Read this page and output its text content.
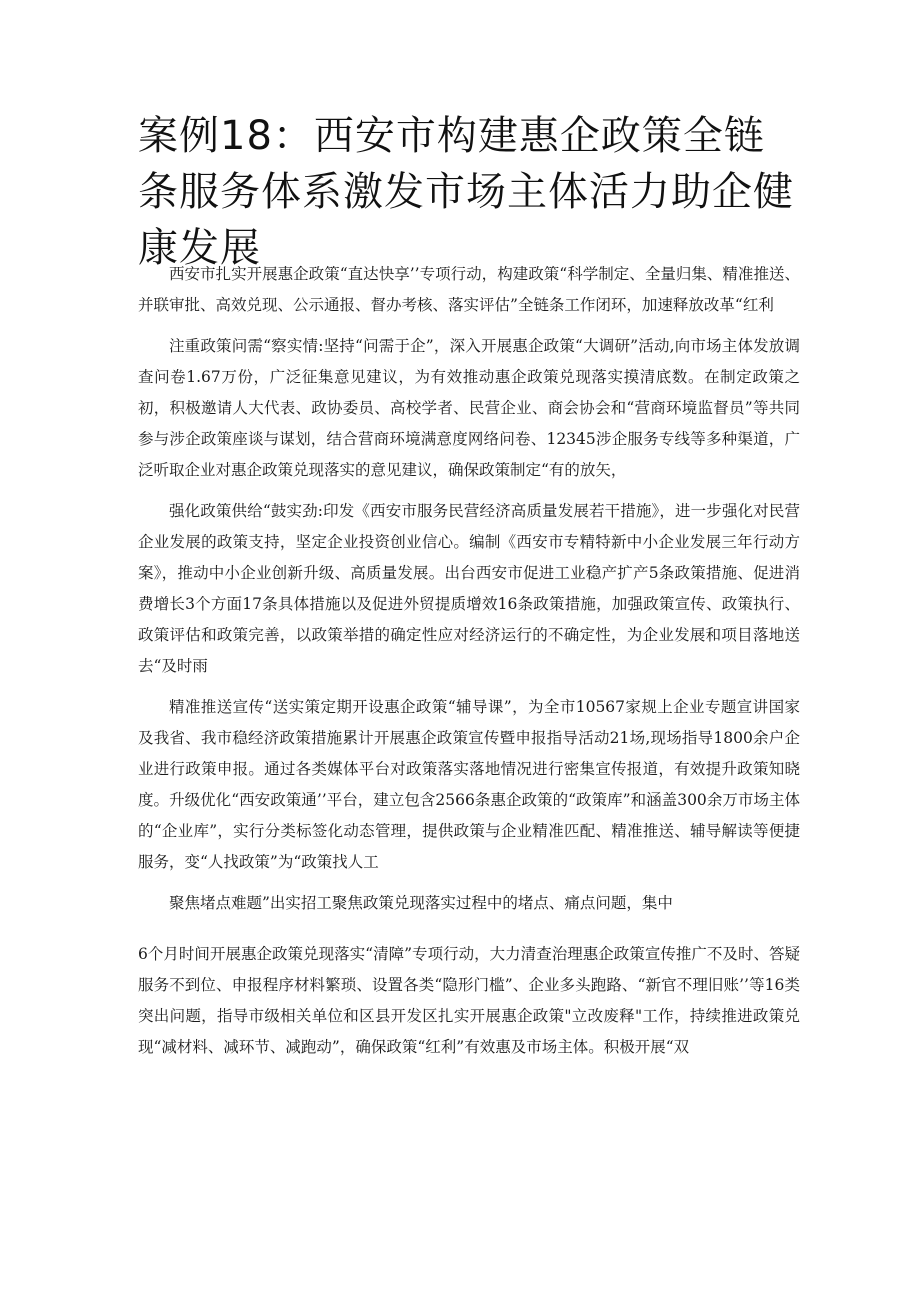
案例18：西安市构建惠企政策全链条服务体系激发市场主体活力助企健康发展

西安市扎实开展惠企政策“直达快享’’专项行动，构建政策“科学制定、全量归集、精准推送、并联审批、高效兑现、公示通报、督办考核、落实评估”全链条工作闭环，加速释放改革“红利

注重政策问需“察实情:坚持“问需于企”，深入开展惠企政策“大调研”活动,向市场主体发放调查问卷1.67万份，广泛征集意见建议，为有效推动惠企政策兑现落实摸清底数。在制定政策之初，积极邀请人大代表、政协委员、高校学者、民营企业、商会协会和“营商环境监督员”等共同参与涉企政策座谈与谋划，结合营商环境满意度网络问卷、12345涉企服务专线等多种渠道，广泛听取企业对惠企政策兑现落实的意见建议，确保政策制定“有的放矢，

强化政策供给“鼓实劲:印发《西安市服务民营经济高质量发展若干措施》，进一步强化对民营企业发展的政策支持，坚定企业投资创业信心。编制《西安市专精特新中小企业发展三年行动方案》，推动中小企业创新升级、高质量发展。出台西安市促进工业稳产扩产5条政策措施、促进消费增长3个方面17条具体措施以及促进外贸提质增效16条政策措施，加强政策宣传、政策执行、政策评估和政策完善，以政策举措的确定性应对经济运行的不确定性，为企业发展和项目落地送去“及时雨

精准推送宣传“送实策定期开设惠企政策“辅导课”，为全市10567家规上企业专题宣讲国家及我省、我市稳经济政策措施累计开展惠企政策宣传暨申报指导活动21场,现场指导1800余户企业进行政策申报。通过各类媒体平台对政策落实落地情况进行密集宣传报道，有效提升政策知晓度。升级优化“西安政策通’’平台，建立包含2566条惠企政策的“政策库”和涵盖300余万市场主体的“企业库”，实行分类标签化动态管理，提供政策与企业精准匹配、精准推送、辅导解读等便捷服务，变“人找政策”为“政策找人工

聚焦堵点难题”出实招工聚焦政策兑现落实过程中的堵点、痛点问题，集中

6个月时间开展惠企政策兑现落实“清障”专项行动，大力清查治理惠企政策宣传推广不及时、答疑服务不到位、申报程序材料繁琐、设置各类“隐形门槛”、企业多头跑路、“新官不理旧账’’等16类突出问题，指导市级相关单位和区县开发区扎实开展惠企政策"立改废释"工作，持续推进政策兑现“减材料、减环节、减跑动”，确保政策“红利”有效惠及市场主体。积极开展“双
